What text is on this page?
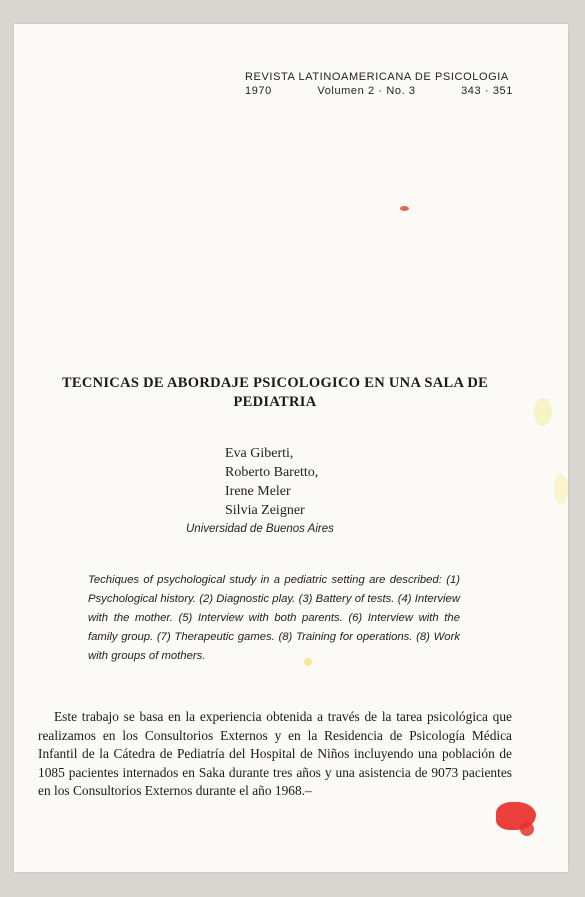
REVISTA LATINOAMERICANA DE PSICOLOGIA
1970	Volumen 2 · No. 3	343 · 351
TECNICAS DE ABORDAJE PSICOLOGICO EN UNA SALA DE PEDIATRIA
Eva Giberti,
Roberto Baretto,
Irene Meler
Silvia Zeigner
Universidad de Buenos Aires
Techiques of psychological study in a pediatric setting are described: (1) Psychological history. (2) Diagnostic play. (3) Battery of tests. (4) Interview with the mother. (5) Interview with both parents. (6) Interview with the family group. (7) Therapeutic games. (8) Training for operations. (8) Work with groups of mothers.
Este trabajo se basa en la experiencia obtenida a través de la tarea psicológica que realizamos en los Consultorios Externos y en la Residencia de Psicología Médica Infantil de la Cátedra de Pediatría del Hospital de Niños incluyendo una población de 1085 pacientes internados en Saka durante tres años y una asistencia de 9073 pacientes en los Consultorios Externos durante el año 1968.–
